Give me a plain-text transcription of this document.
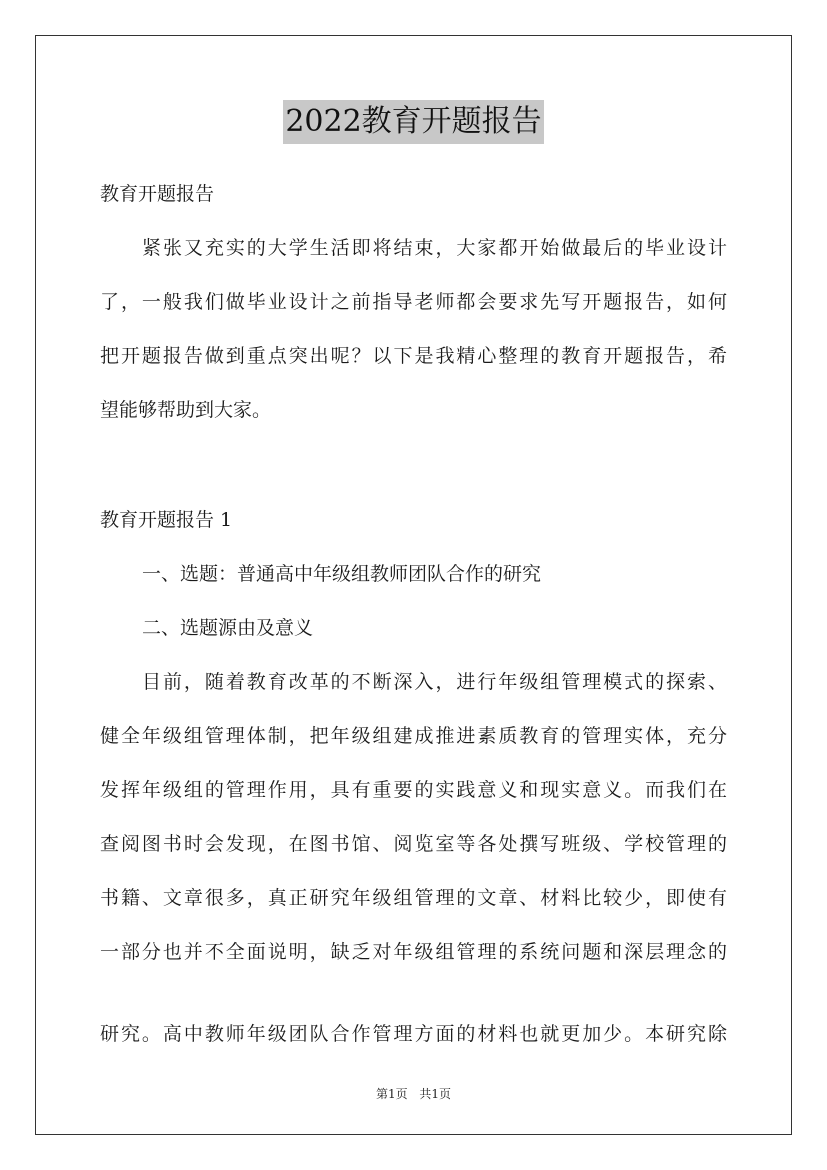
2022教育开题报告
教育开题报告
紧张又充实的大学生活即将结束，大家都开始做最后的毕业设计
了，一般我们做毕业设计之前指导老师都会要求先写开题报告，如何
把开题报告做到重点突出呢？以下是我精心整理的教育开题报告，希
望能够帮助到大家。
教育开题报告 1
一、选题：普通高中年级组教师团队合作的研究
二、选题源由及意义
目前，随着教育改革的不断深入，进行年级组管理模式的探索、
健全年级组管理体制，把年级组建成推进素质教育的管理实体，充分
发挥年级组的管理作用，具有重要的实践意义和现实意义。而我们在
查阅图书时会发现，在图书馆、阅览室等各处撰写班级、学校管理的
书籍、文章很多，真正研究年级组管理的文章、材料比较少，即使有
一部分也并不全面说明，缺乏对年级组管理的系统问题和深层理念的
研究。高中教师年级团队合作管理方面的材料也就更加少。本研究除
第1页 共1页
